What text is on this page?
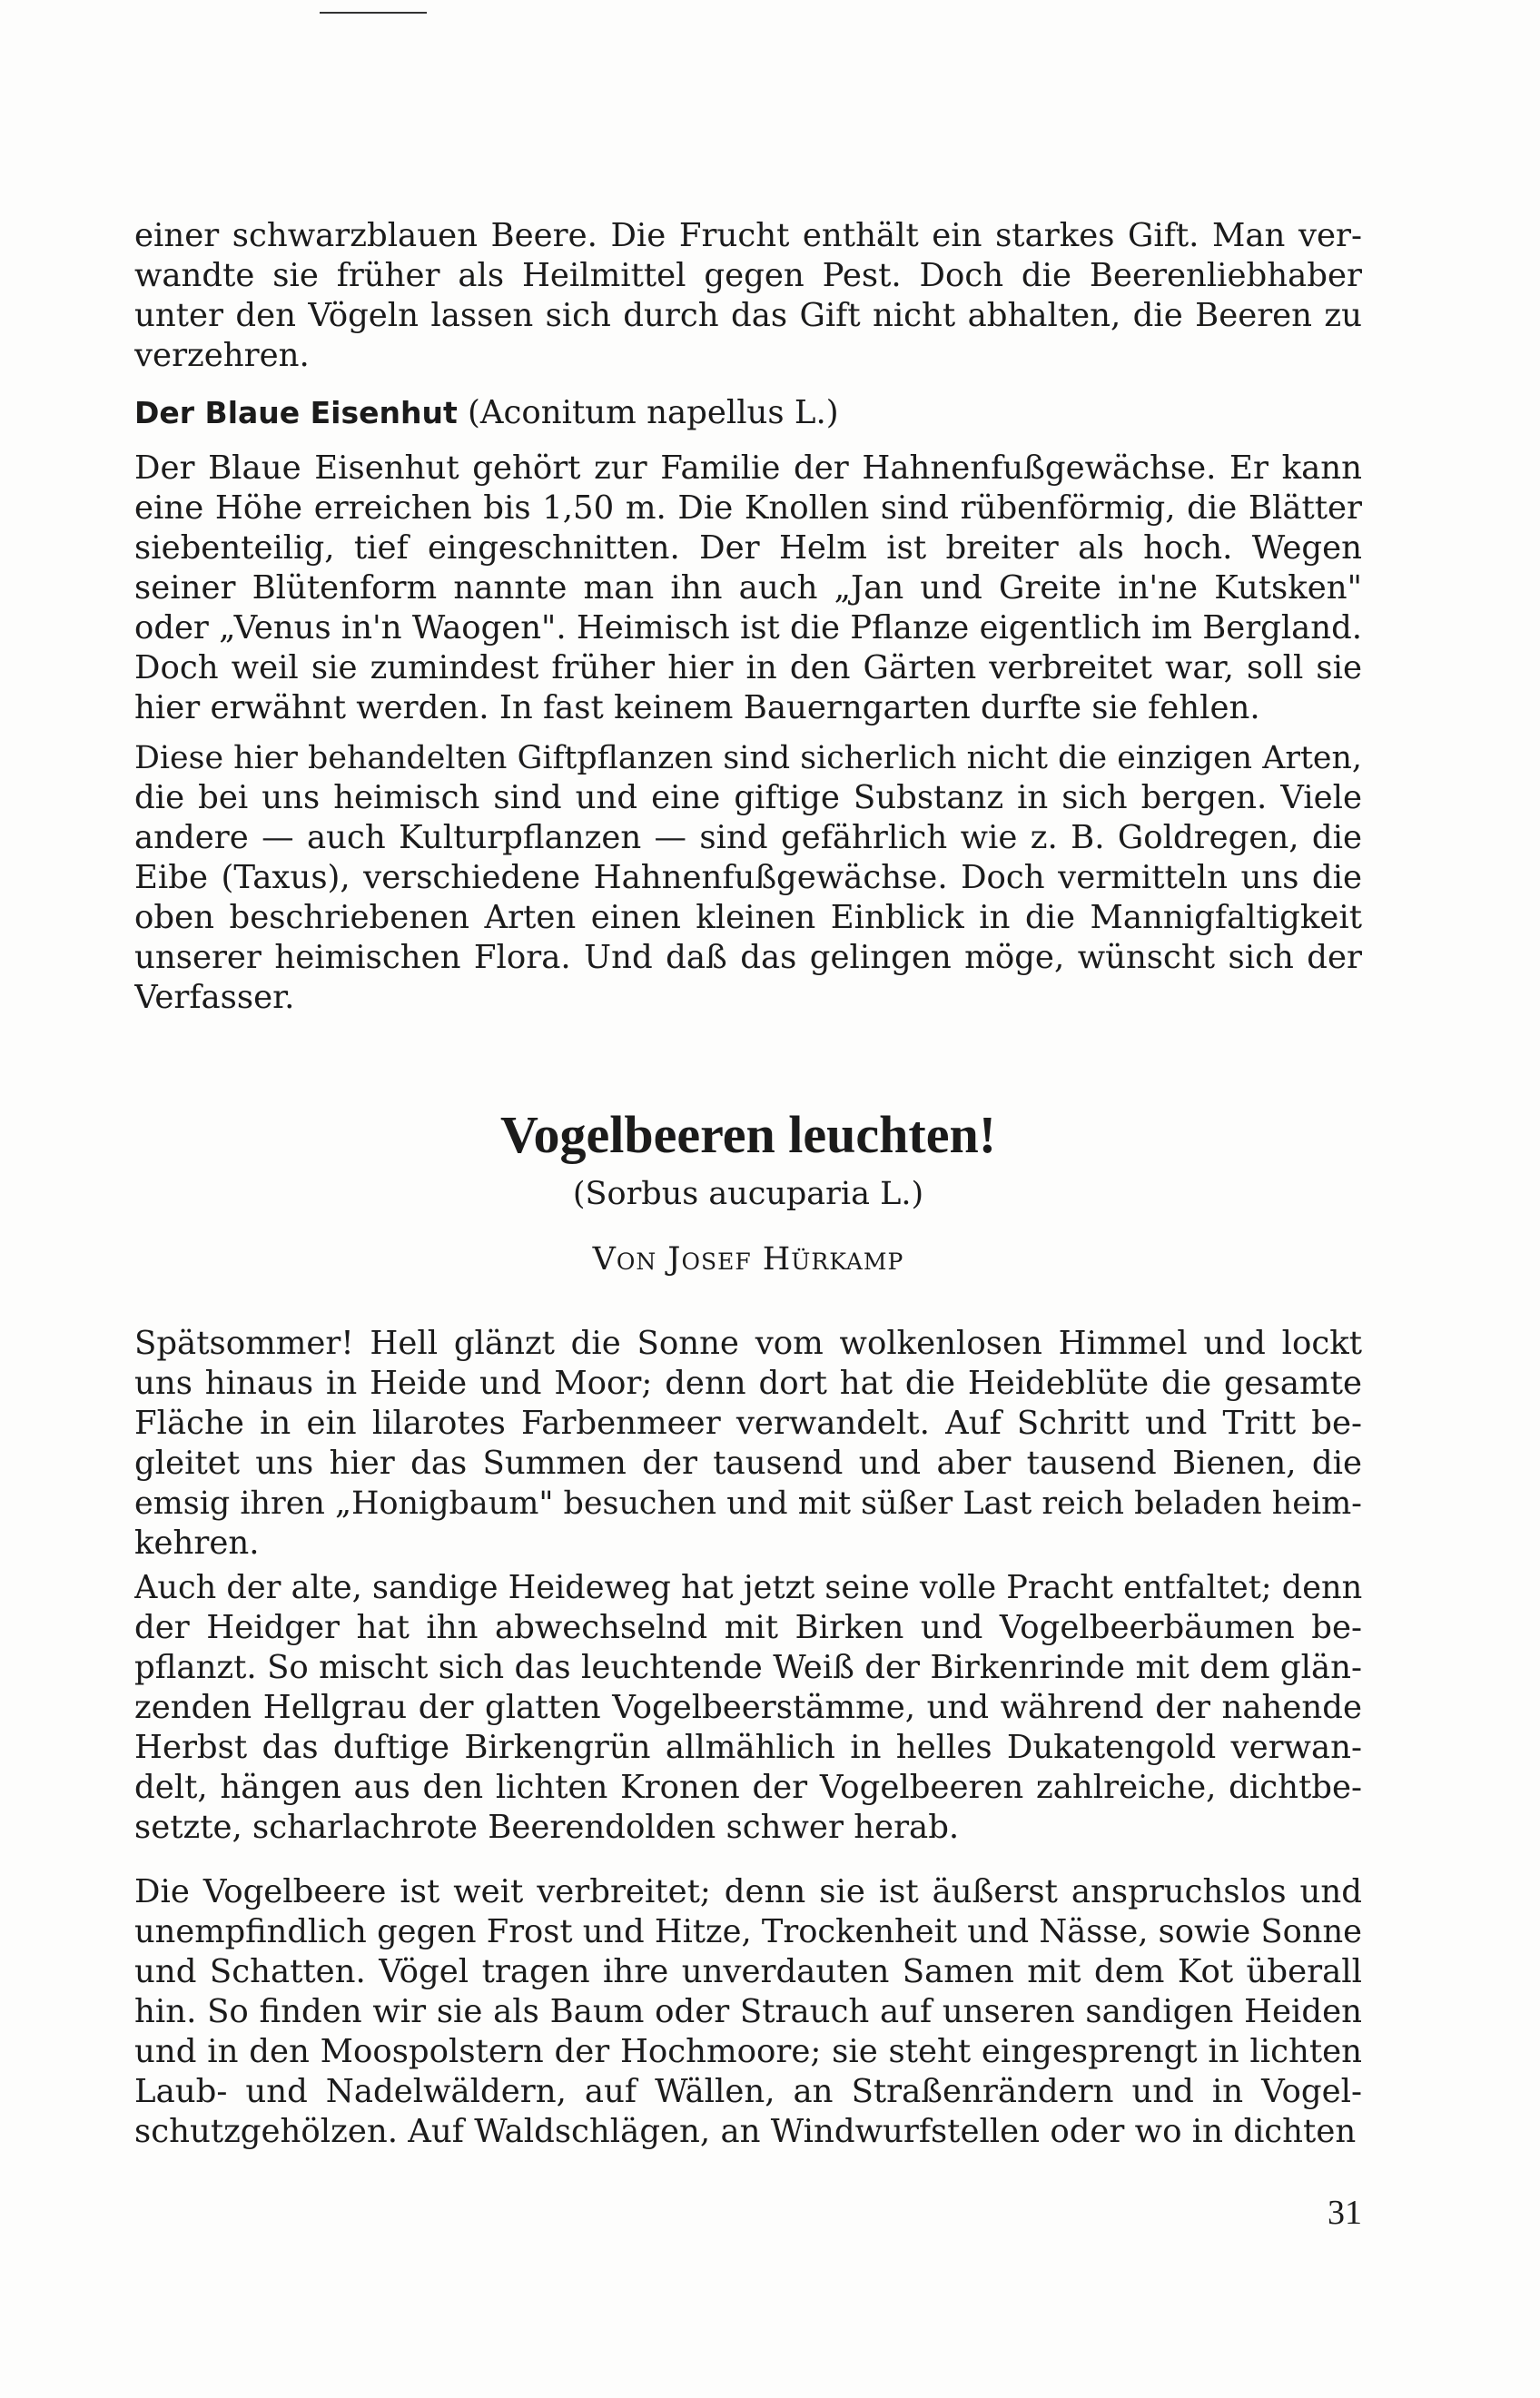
einer schwarzblauen Beere. Die Frucht enthält ein starkes Gift. Man ver-
wandte sie früher als Heilmittel gegen Pest. Doch die Beerenliebhaber
unter den Vögeln lassen sich durch das Gift nicht abhalten, die Beeren zu
verzehren.

Der Blaue Eisenhut (Aconitum napellus L.)

Der Blaue Eisenhut gehört zur Familie der Hahnenfußgewächse. Er kann
eine Höhe erreichen bis 1,50 m. Die Knollen sind rübenförmig, die Blätter
siebenteilig, tief eingeschnitten. Der Helm ist breiter als hoch. Wegen
seiner Blütenform nannte man ihn auch „Jan und Greite in'ne Kutsken"
oder „Venus in'n Waogen". Heimisch ist die Pflanze eigentlich im Bergland.
Doch weil sie zumindest früher hier in den Gärten verbreitet war, soll sie
hier erwähnt werden. In fast keinem Bauerngarten durfte sie fehlen.
Diese hier behandelten Giftpflanzen sind sicherlich nicht die einzigen Arten,
die bei uns heimisch sind und eine giftige Substanz in sich bergen. Viele
andere — auch Kulturpflanzen — sind gefährlich wie z. B. Goldregen, die
Eibe (Taxus), verschiedene Hahnenfußgewächse. Doch vermitteln uns die
oben beschriebenen Arten einen kleinen Einblick in die Mannigfaltigkeit
unserer heimischen Flora. Und daß das gelingen möge, wünscht sich der
Verfasser.
Vogelbeeren leuchten!
(Sorbus aucuparia L.)
Von Josef Hürkamp
Spätsommer! Hell glänzt die Sonne vom wolkenlosen Himmel und lockt
uns hinaus in Heide und Moor; denn dort hat die Heideblüte die gesamte
Fläche in ein lilarotes Farbenmeer verwandelt. Auf Schritt und Tritt be-
gleitet uns hier das Summen der tausend und aber tausend Bienen, die
emsig ihren „Honigbaum" besuchen und mit süßer Last reich beladen heim-
kehren.
Auch der alte, sandige Heideweg hat jetzt seine volle Pracht entfaltet; denn
der Heidger hat ihn abwechselnd mit Birken und Vogelbeerbäumen be-
pflanzt. So mischt sich das leuchtende Weiß der Birkenrinde mit dem glän-
zenden Hellgrau der glatten Vogelbeerstämme, und während der nahende
Herbst das duftige Birkengrün allmählich in helles Dukatengold verwan-
delt, hängen aus den lichten Kronen der Vogelbeeren zahlreiche, dichtbe-
setzte, scharlachrote Beerendolden schwer herab.
Die Vogelbeere ist weit verbreitet; denn sie ist äußerst anspruchslos und
unempfindlich gegen Frost und Hitze, Trockenheit und Nässe, sowie Sonne
und Schatten. Vögel tragen ihre unverdauten Samen mit dem Kot überall
hin. So finden wir sie als Baum oder Strauch auf unseren sandigen Heiden
und in den Moospolstern der Hochmoore; sie steht eingesprengt in lichten
Laub- und Nadelwäldern, auf Wällen, an Straßenrändern und in Vogel-
schutzgehölzen. Auf Waldschlägen, an Windwurfstellen oder wo in dichten
31
